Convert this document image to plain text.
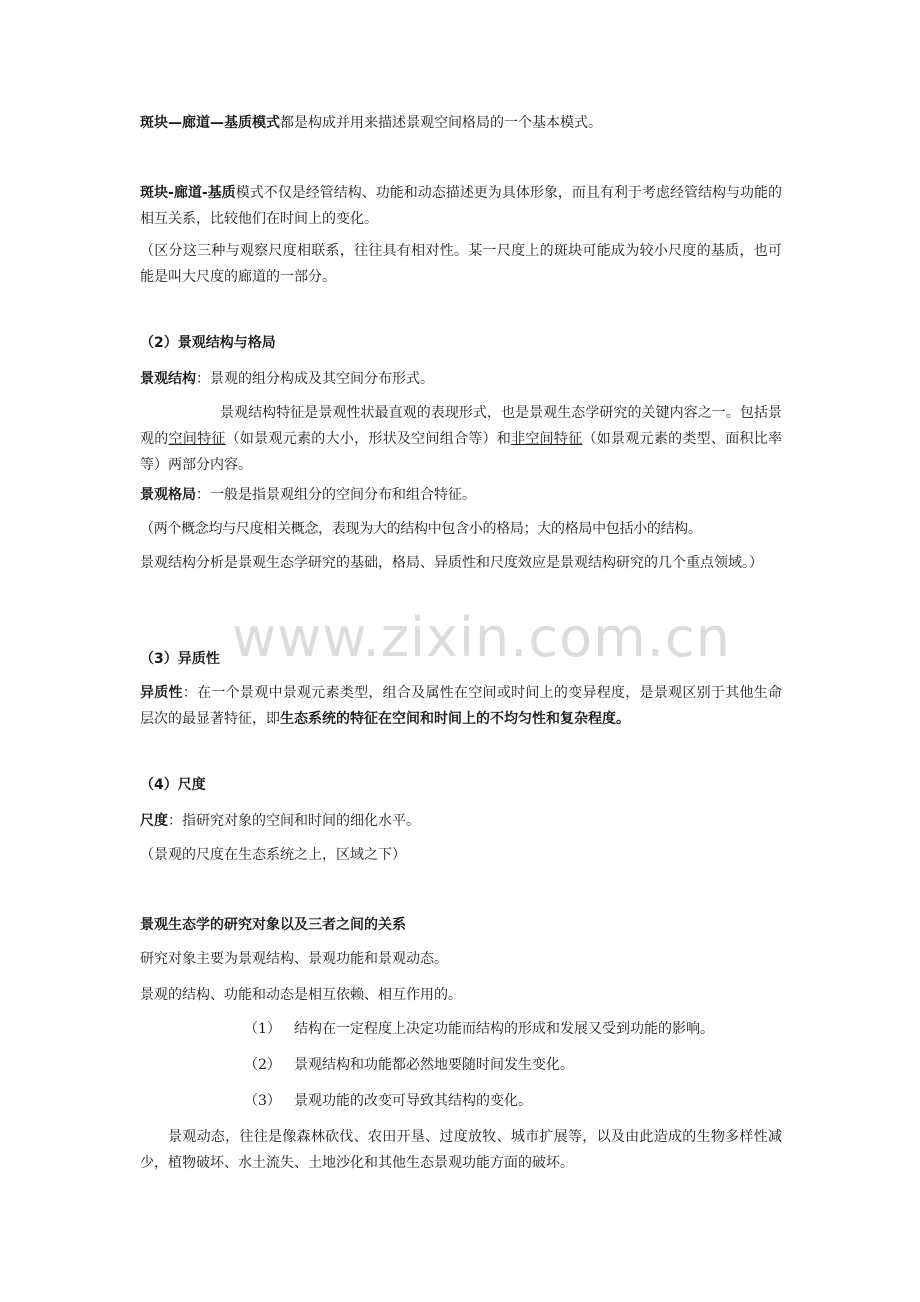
www.zixin.com.cn

斑块—廊道—基质模式都是构成并用来描述景观空间格局的一个基本模式。

斑块-廊道-基质模式不仅是经管结构、功能和动态描述更为具体形象，而且有利于考虑经管结构与功能的相互关系，比较他们在时间上的变化。

（区分这三种与观察尺度相联系，往往具有相对性。某一尺度上的斑块可能成为较小尺度的基质，也可能是叫大尺度的廊道的一部分。

（2）景观结构与格局

景观结构：景观的组分构成及其空间分布形式。

景观结构特征是景观性状最直观的表现形式，也是景观生态学研究的关键内容之一。包括景观的空间特征（如景观元素的大小，形状及空间组合等）和非空间特征（如景观元素的类型、面积比率等）两部分内容。

景观格局：一般是指景观组分的空间分布和组合特征。

（两个概念均与尺度相关概念，表现为大的结构中包含小的格局；大的格局中包括小的结构。

景观结构分析是景观生态学研究的基础，格局、异质性和尺度效应是景观结构研究的几个重点领域。）

（3）异质性

异质性：在一个景观中景观元素类型，组合及属性在空间或时间上的变异程度，是景观区别于其他生命层次的最显著特征，即生态系统的特征在空间和时间上的不均匀性和复杂程度。

（4）尺度

尺度：指研究对象的空间和时间的细化水平。

（景观的尺度在生态系统之上，区域之下）

景观生态学的研究对象以及三者之间的关系

研究对象主要为景观结构、景观功能和景观动态。

景观的结构、功能和动态是相互依赖、相互作用的。

（1） 结构在一定程度上决定功能而结构的形成和发展又受到功能的影响。
（2） 景观结构和功能都必然地要随时间发生变化。
（3） 景观功能的改变可导致其结构的变化。

景观动态，往往是像森林砍伐、农田开垦、过度放牧、城市扩展等，以及由此造成的生物多样性减少，植物破坏、水土流失、土地沙化和其他生态景观功能方面的破坏。
